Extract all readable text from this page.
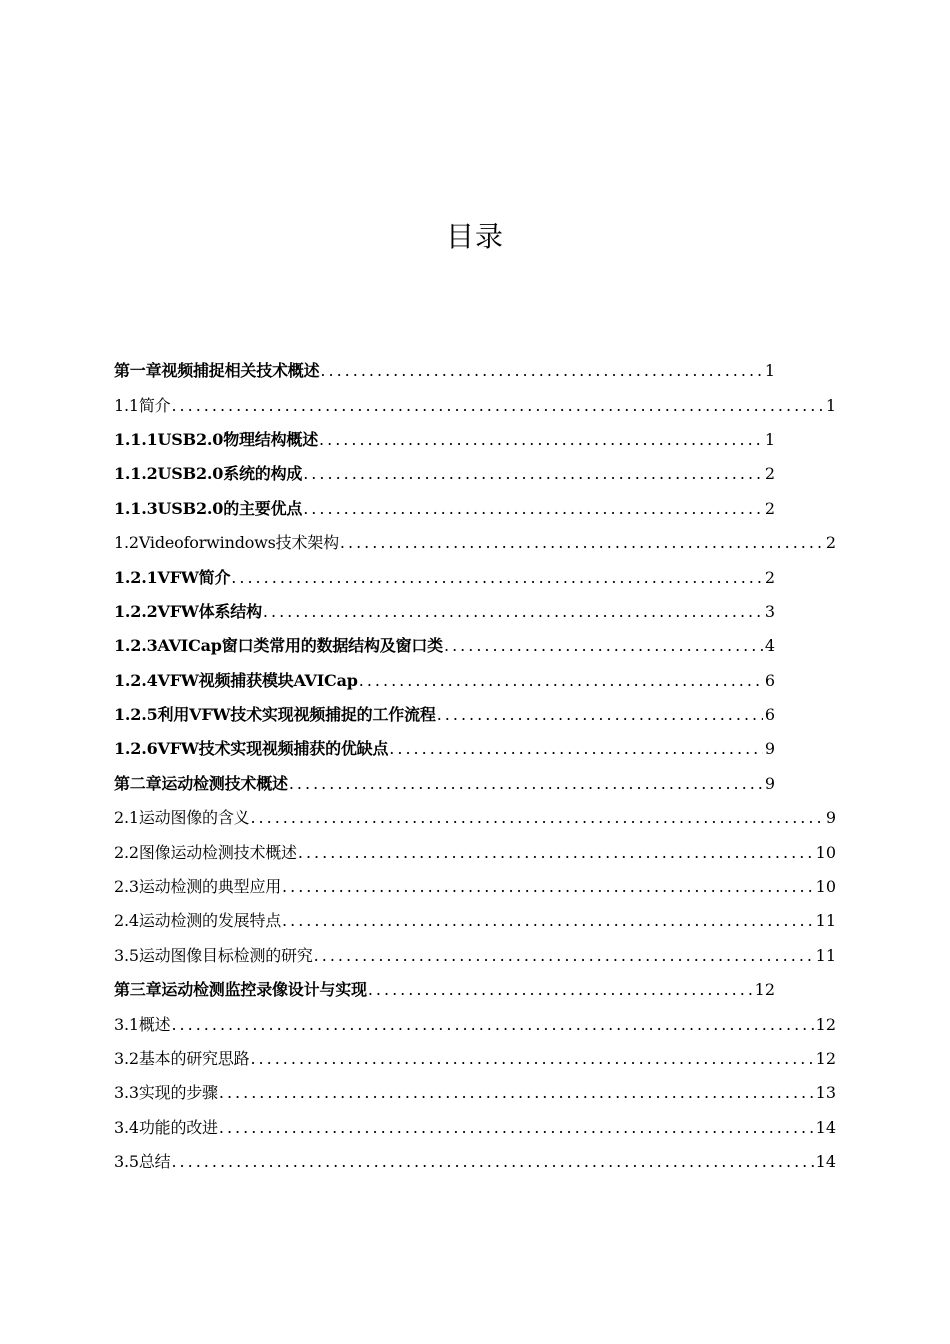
目录
第一章视频捕捉相关技术概述 .....	1
1.1简介 .....	1
1.1.1USB2.0物理结构概述 .....	1
1.1.2USB2.0系统的构成 .....	2
1.1.3USB2.0的主要优点 .....	2
1.2Videoforwindows技术架构 .....	2
1.2.1VFW简介 .....	2
1.2.2VFW体系结构 .....	3
1.2.3AVICap窗口类常用的数据结构及窗口类 .....	4
1.2.4VFW视频捕获模块AVICap .....	6
1.2.5利用VFW技术实现视频捕捉的工作流程 .....	6
1.2.6VFW技术实现视频捕获的优缺点 .....	9
第二章运动检测技术概述 .....	9
2.1运动图像的含义 .....	9
2.2图像运动检测技术概述 .....	10
2.3运动检测的典型应用 .....	10
2.4运动检测的发展特点 .....	11
3.5运动图像目标检测的研究 .....	11
第三章运动检测监控录像设计与实现 .....	12
3.1概述 .....	12
3.2基本的研究思路 .....	12
3.3实现的步骤 .....	13
3.4功能的改进 .....	14
3.5总结 .....	14
